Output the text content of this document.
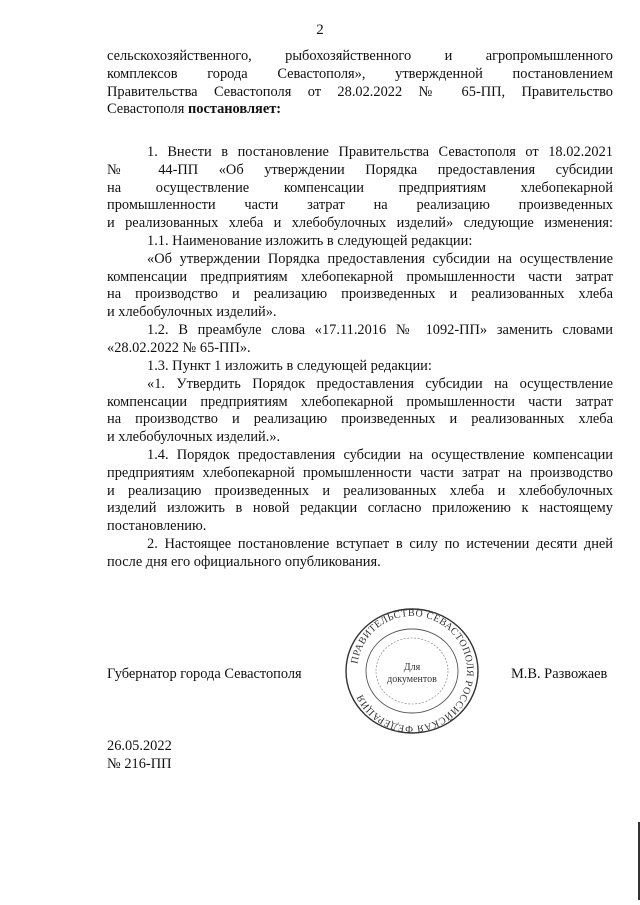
2
сельскохозяйственного, рыбохозяйственного и агропромышленного
комплексов города Севастополя», утвержденной постановлением
Правительства Севастополя от 28.02.2022 № 65-ПП, Правительство
Севастополя постановляет:
1. Внести в постановление Правительства Севастополя от 18.02.2021
№ 44-ПП «Об утверждении Порядка предоставления субсидии
на осуществление компенсации предприятиям хлебопекарной
промышленности части затрат на реализацию произведенных
и реализованных хлеба и хлебобулочных изделий» следующие изменения:
1.1. Наименование изложить в следующей редакции:
«Об утверждении Порядка предоставления субсидии на осуществление
компенсации предприятиям хлебопекарной промышленности части затрат
на производство и реализацию произведенных и реализованных хлеба
и хлебобулочных изделий».
1.2. В преамбуле слова «17.11.2016 № 1092-ПП» заменить словами
«28.02.2022 № 65-ПП».
1.3. Пункт 1 изложить в следующей редакции:
«1. Утвердить Порядок предоставления субсидии на осуществление
компенсации предприятиям хлебопекарной промышленности части затрат
на производство и реализацию произведенных и реализованных хлеба
и хлебобулочных изделий.».
1.4. Порядок предоставления субсидии на осуществление компенсации
предприятиям хлебопекарной промышленности части затрат на производство
и реализацию произведенных и реализованных хлеба и хлебобулочных
изделий изложить в новой редакции согласно приложению к настоящему
постановлению.
2. Настоящее постановление вступает в силу по истечении десяти дней
после дня его официального опубликования.
Губернатор города Севастополя	М.В. Развожаев
ПРАВИТЕЛЬСТВО СЕВАСТОПОЛЯ РОССИЙСКАЯ ФЕДЕРАЦИЯ
Для
документов
26.05.2022
№ 216-ПП
